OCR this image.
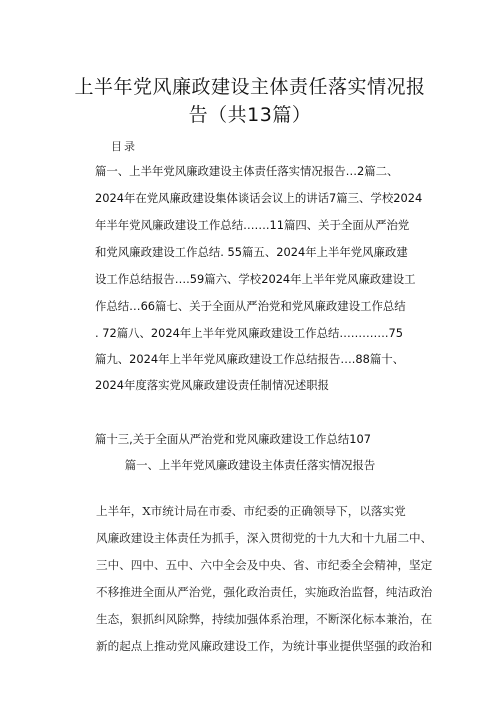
上半年党风廉政建设主体责任落实情况报
告（共13篇）
目录
篇一、上半年党风廉政建设主体责任落实情况报告…2篇二、
2024年在党风廉政建设集体谈话会议上的讲话7篇三、学校2024
年半年党风廉政建设工作总结…….11篇四、关于全面从严治党
和党风廉政建设工作总结. 55篇五、2024年上半年党风廉政建
设工作总结报告….59篇六、学校2024年上半年党风廉政建设工
作总结…66篇七、关于全面从严治党和党风廉政建设工作总结
. 72篇八、2024年上半年党风廉政建设工作总结………….75
篇九、2024年上半年党风廉政建设工作总结报告….88篇十、
2024年度落实党风廉政建设责任制情况述职报
篇十三,关于全面从严治党和党风廉政建设工作总结107
篇一、上半年党风廉政建设主体责任落实情况报告
上半年，X市统计局在市委、市纪委的正确领导下，以落实党
风廉政建设主体责任为抓手，深入贯彻党的十九大和十九届二中、
三中、四中、五中、六中全会及中央、省、市纪委全会精神，坚定
不移推进全面从严治党，强化政治责任，实施政治监督，纯洁政治
生态，狠抓纠风除弊，持续加强体系治理，不断深化标本兼治，在
新的起点上推动党风廉政建设工作，为统计事业提供坚强的政治和
